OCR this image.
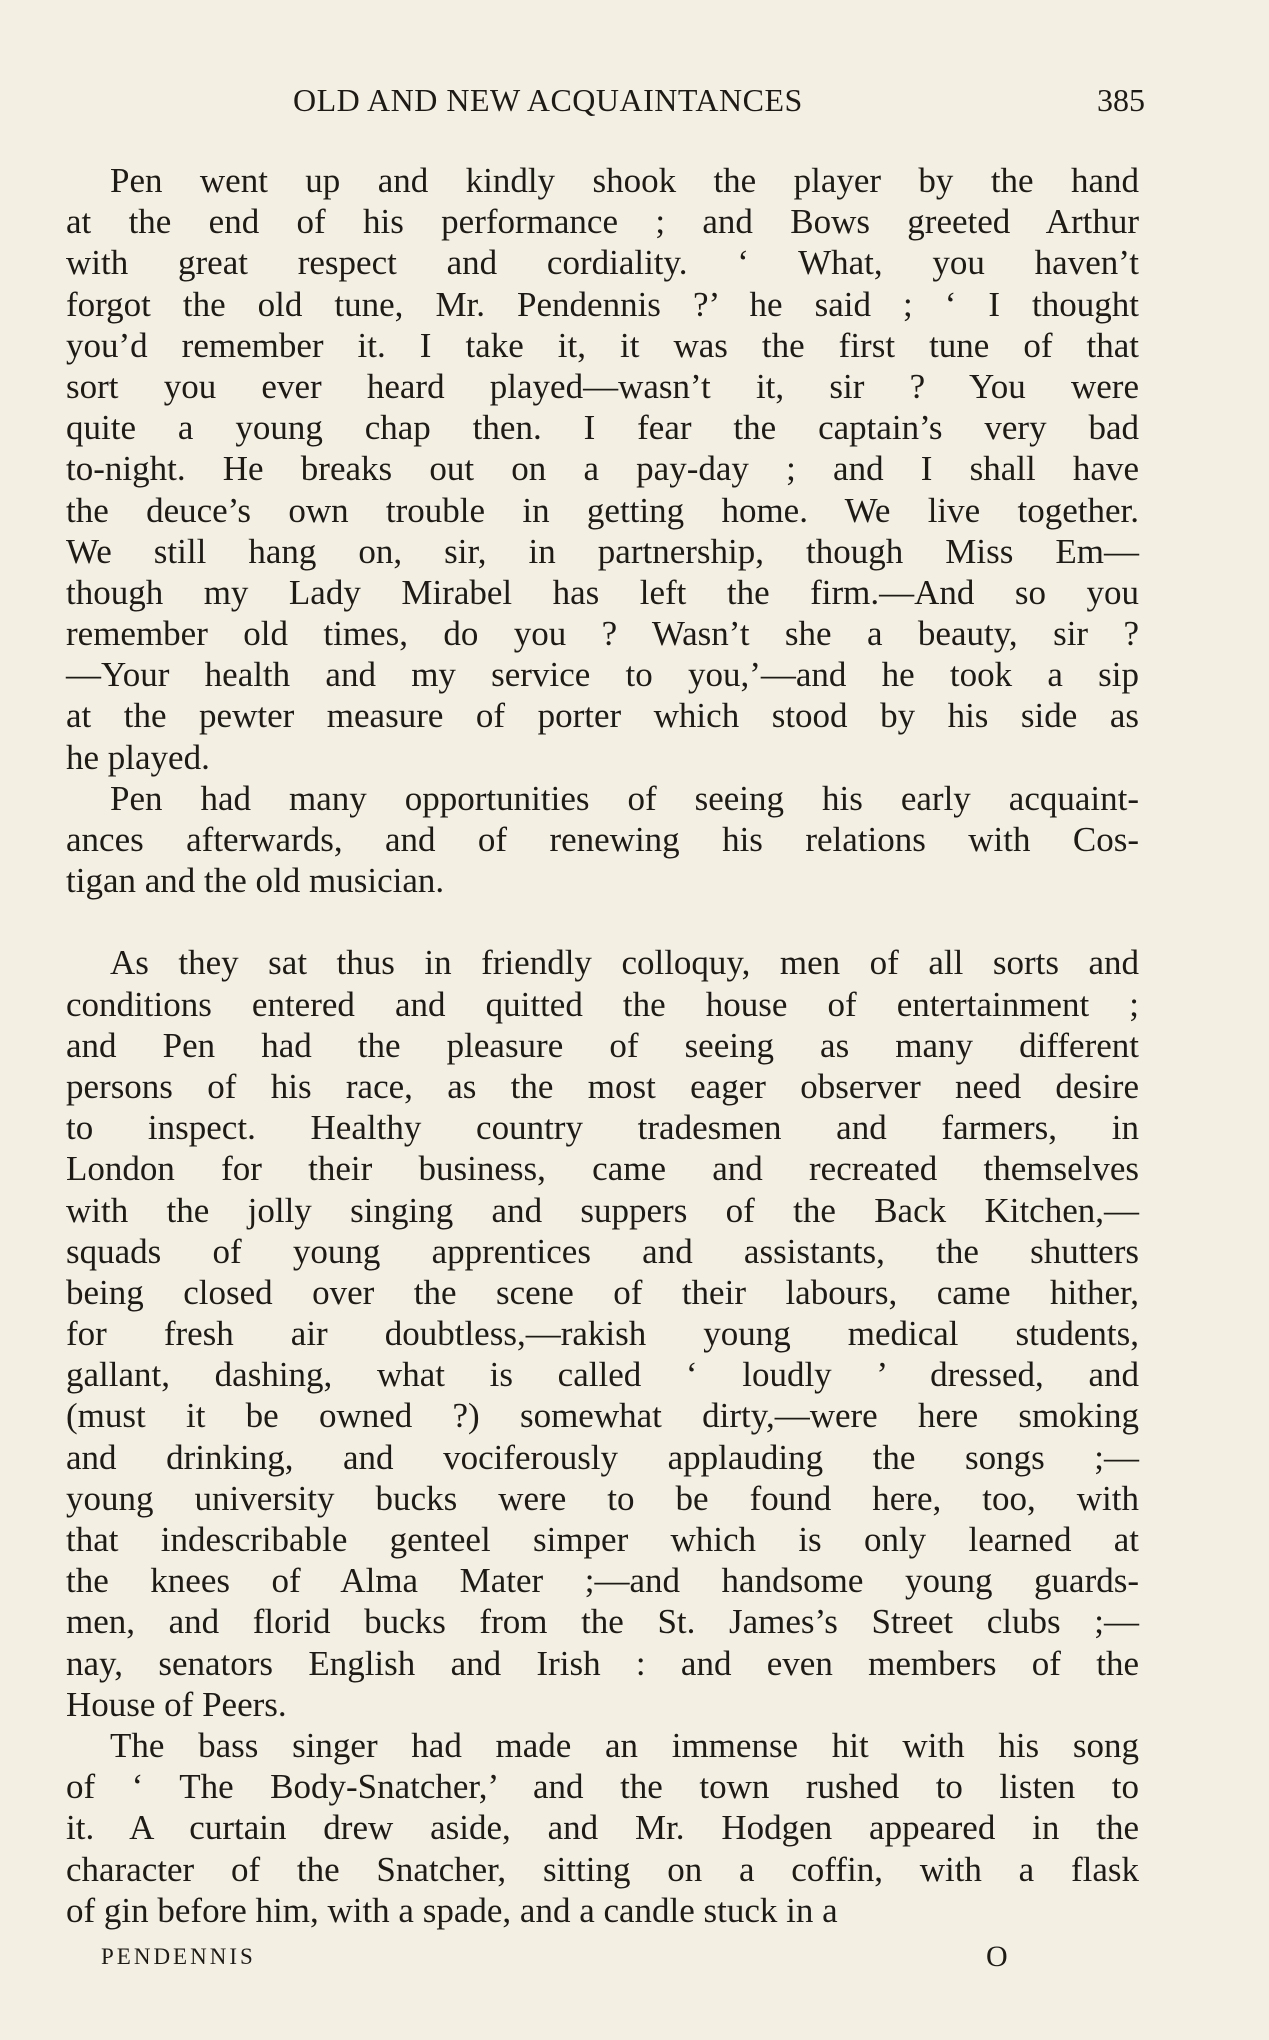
OLD AND NEW ACQUAINTANCES	385
Pen went up and kindly shook the player by the hand
at the end of his performance ; and Bows greeted Arthur
with great respect and cordiality. ‘ What, you haven’t
forgot the old tune, Mr. Pendennis ?’ he said ; ‘ I thought
you’d remember it. I take it, it was the first tune of that
sort you ever heard played—wasn’t it, sir ? You were
quite a young chap then. I fear the captain’s very bad
to-night. He breaks out on a pay-day ; and I shall have
the deuce’s own trouble in getting home. We live together.
We still hang on, sir, in partnership, though Miss Em—
though my Lady Mirabel has left the firm.—And so you
remember old times, do you ? Wasn’t she a beauty, sir ?
—Your health and my service to you,’—and he took a sip
at the pewter measure of porter which stood by his side as
he played.
Pen had many opportunities of seeing his early acquaint-
ances afterwards, and of renewing his relations with Cos-
tigan and the old musician.
As they sat thus in friendly colloquy, men of all sorts and
conditions entered and quitted the house of entertainment ;
and Pen had the pleasure of seeing as many different
persons of his race, as the most eager observer need desire
to inspect. Healthy country tradesmen and farmers, in
London for their business, came and recreated themselves
with the jolly singing and suppers of the Back Kitchen,—
squads of young apprentices and assistants, the shutters
being closed over the scene of their labours, came hither,
for fresh air doubtless,—rakish young medical students,
gallant, dashing, what is called ‘ loudly ’ dressed, and
(must it be owned ?) somewhat dirty,—were here smoking
and drinking, and vociferously applauding the songs ;—
young university bucks were to be found here, too, with
that indescribable genteel simper which is only learned at
the knees of Alma Mater ;—and handsome young guards-
men, and florid bucks from the St. James’s Street clubs ;—
nay, senators English and Irish : and even members of the
House of Peers.
The bass singer had made an immense hit with his song
of ‘ The Body-Snatcher,’ and the town rushed to listen to
it. A curtain drew aside, and Mr. Hodgen appeared in the
character of the Snatcher, sitting on a coffin, with a flask
of gin before him, with a spade, and a candle stuck in a
PENDENNIS	O
